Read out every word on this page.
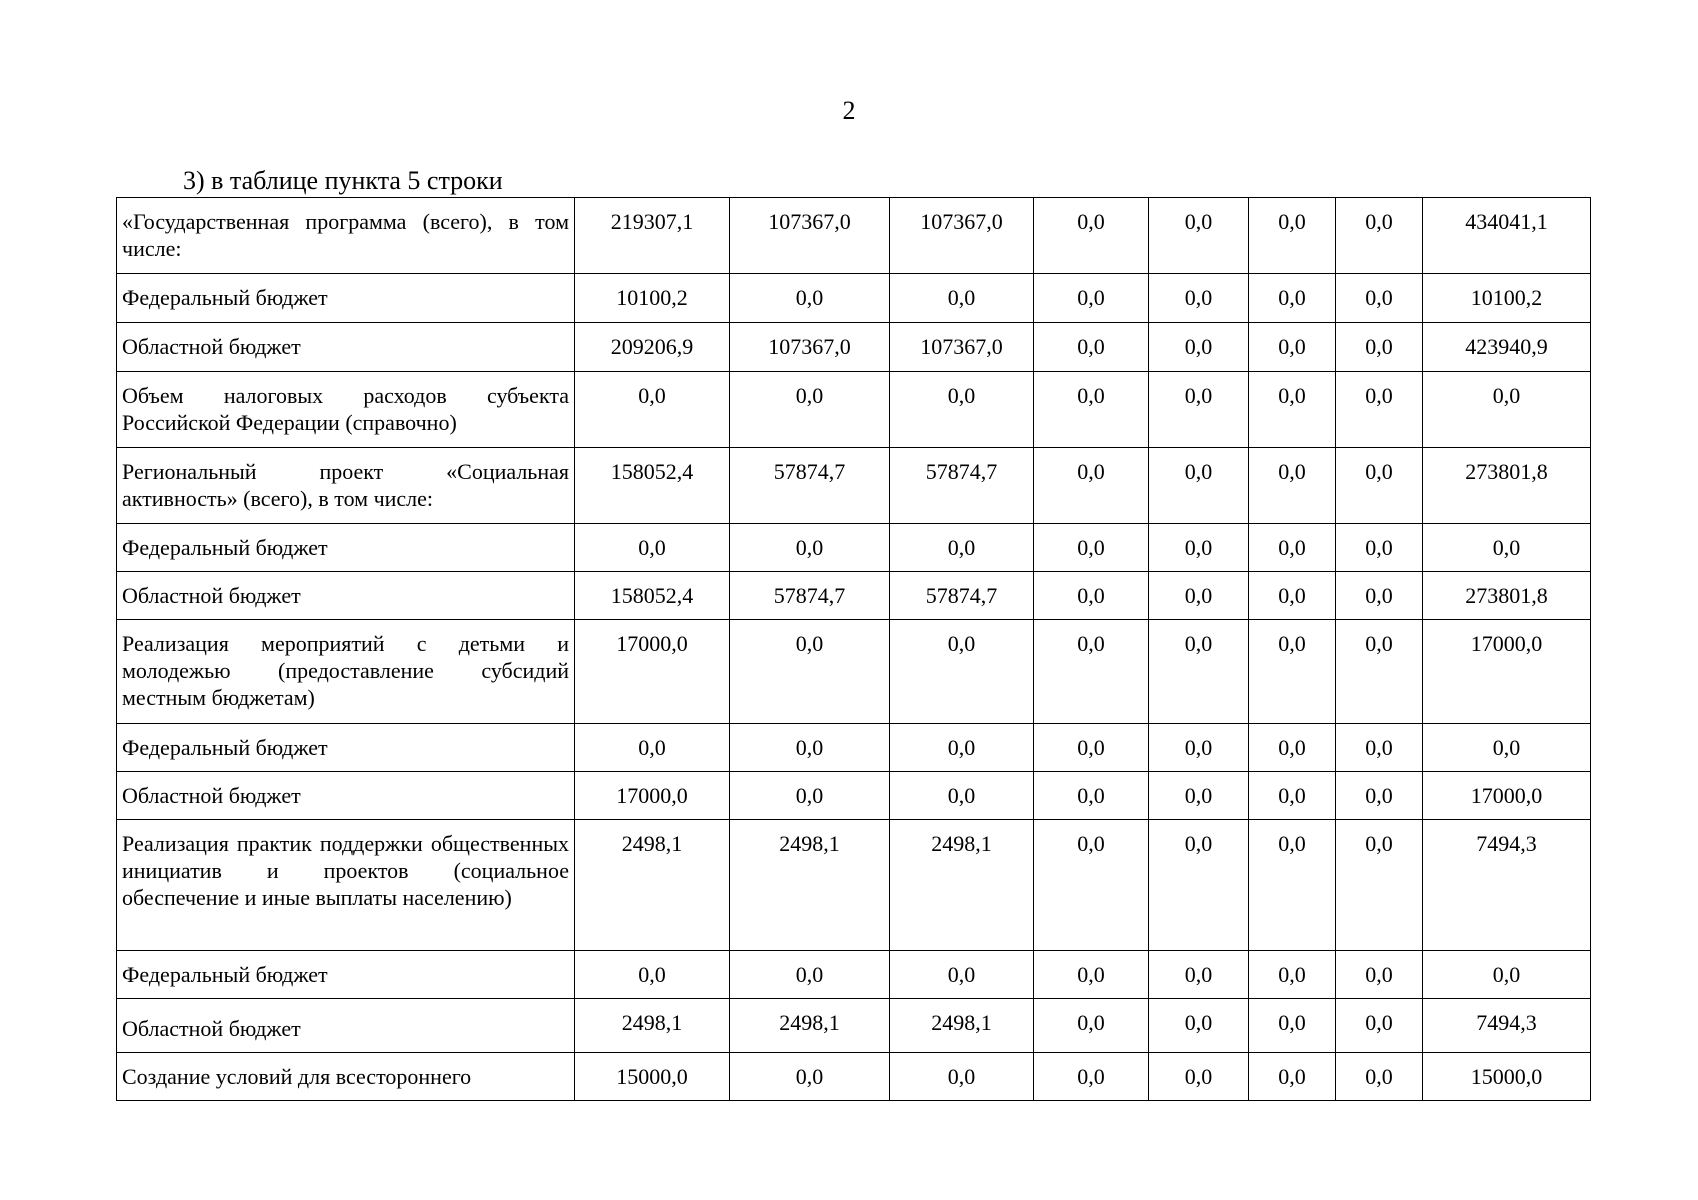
2
3) в таблице пункта 5 строки
«Государственная программа (всего), в том числе:	219307,1	107367,0	107367,0	0,0	0,0	0,0	0,0	434041,1
Федеральный бюджет	10100,2	0,0	0,0	0,0	0,0	0,0	0,0	10100,2
Областной бюджет	209206,9	107367,0	107367,0	0,0	0,0	0,0	0,0	423940,9
Объем налоговых расходов субъекта Российской Федерации (справочно)	0,0	0,0	0,0	0,0	0,0	0,0	0,0	0,0
Региональный проект «Социальная активность» (всего), в том числе:	158052,4	57874,7	57874,7	0,0	0,0	0,0	0,0	273801,8
Федеральный бюджет	0,0	0,0	0,0	0,0	0,0	0,0	0,0	0,0
Областной бюджет	158052,4	57874,7	57874,7	0,0	0,0	0,0	0,0	273801,8
Реализация мероприятий с детьми и молодежью (предоставление субсидий местным бюджетам)	17000,0	0,0	0,0	0,0	0,0	0,0	0,0	17000,0
Федеральный бюджет	0,0	0,0	0,0	0,0	0,0	0,0	0,0	0,0
Областной бюджет	17000,0	0,0	0,0	0,0	0,0	0,0	0,0	17000,0
Реализация практик поддержки общественных инициатив и проектов (социальное обеспечение и иные выплаты населению)	2498,1	2498,1	2498,1	0,0	0,0	0,0	0,0	7494,3
Федеральный бюджет	0,0	0,0	0,0	0,0	0,0	0,0	0,0	0,0
Областной бюджет	2498,1	2498,1	2498,1	0,0	0,0	0,0	0,0	7494,3
Создание условий для всестороннего	15000,0	0,0	0,0	0,0	0,0	0,0	0,0	15000,0
